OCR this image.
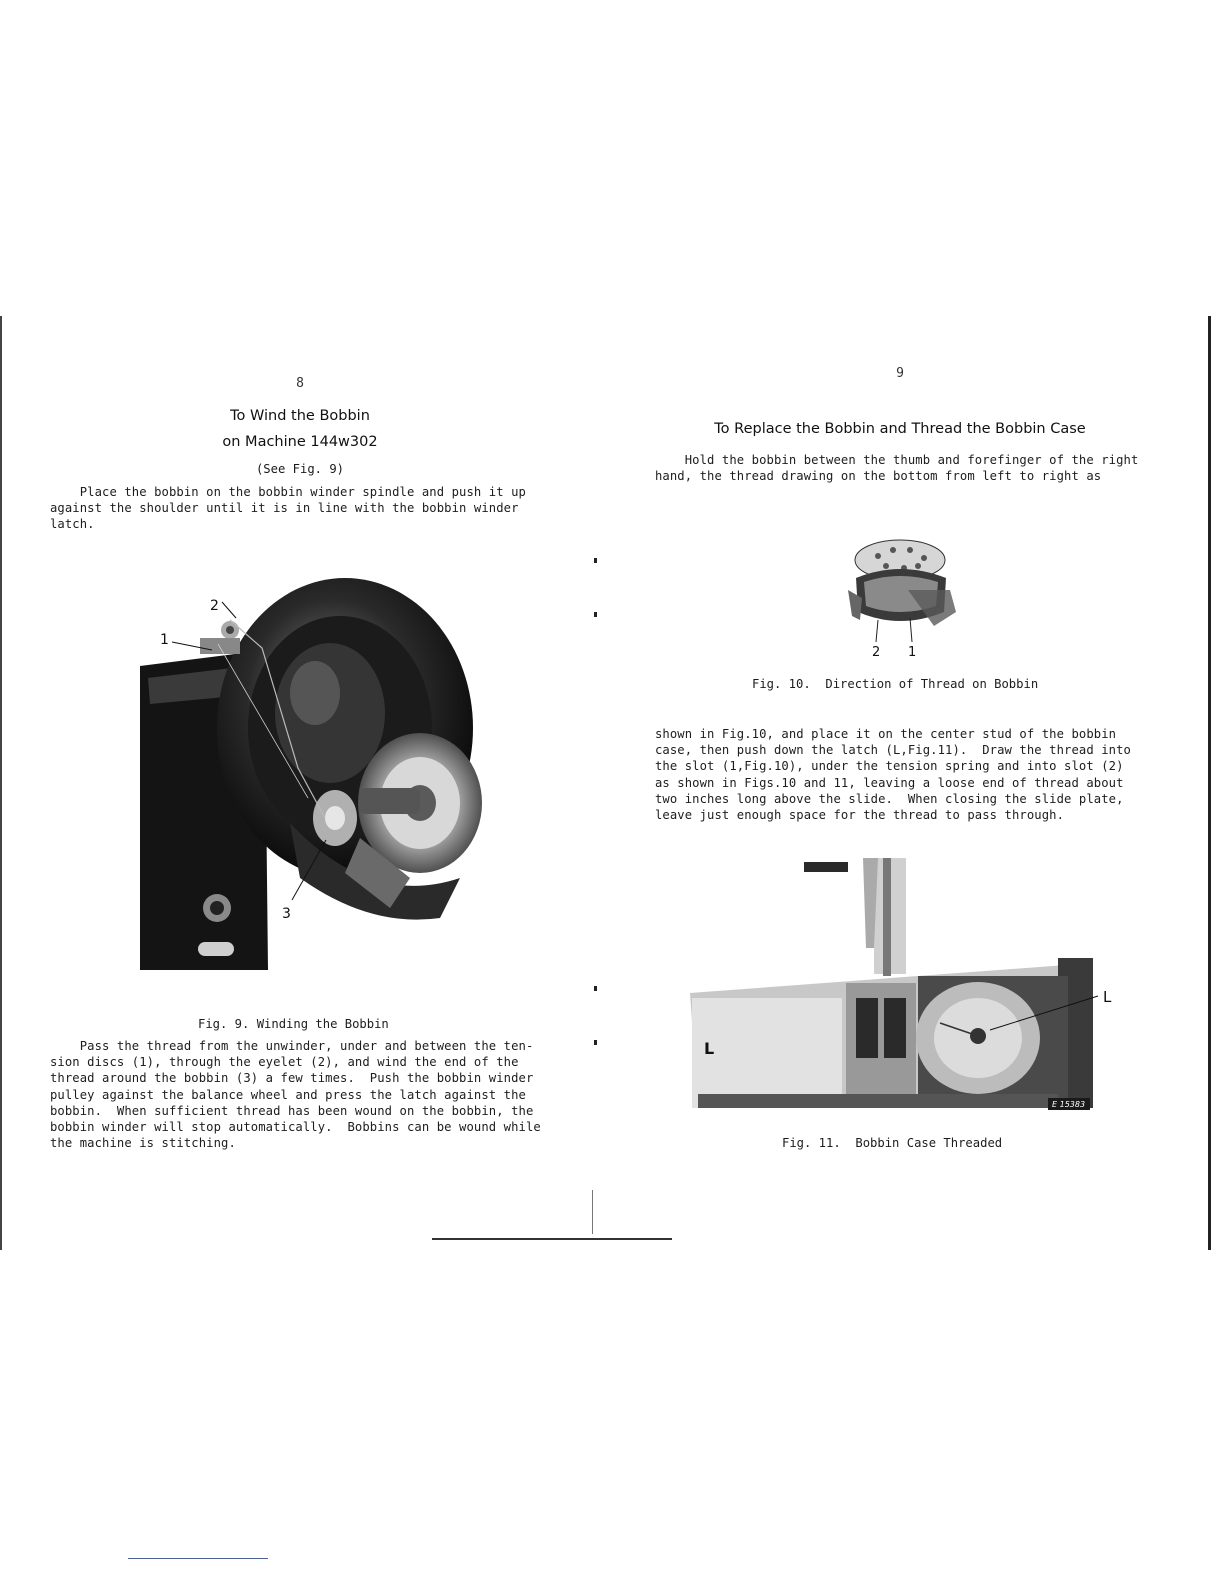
8
To Wind the Bobbin
on Machine 144w302
(See Fig. 9)
Place the bobbin on the bobbin winder spindle and push it up
against the shoulder until it is in line with the bobbin winder
latch.
2
1
3
Fig. 9. Winding the Bobbin
Pass the thread from the unwinder, under and between the ten-
sion discs (1), through the eyelet (2), and wind the end of the
thread around the bobbin (3) a few times.  Push the bobbin winder
pulley against the balance wheel and press the latch against the
bobbin.  When sufficient thread has been wound on the bobbin, the
bobbin winder will stop automatically.  Bobbins can be wound while
the machine is stitching.
9
To Replace the Bobbin and Thread the Bobbin Case
Hold the bobbin between the thumb and forefinger of the right
hand, the thread drawing on the bottom from left to right as
2 1
Fig. 10.  Direction of Thread on Bobbin
shown in Fig.10, and place it on the center stud of the bobbin
case, then push down the latch (L,Fig.11).  Draw the thread into
the slot (1,Fig.10), under the tension spring and into slot (2)
as shown in Figs.10 and 11, leaving a loose end of thread about
two inches long above the slide.  When closing the slide plate,
leave just enough space for the thread to pass through.
E 15383
L
L
Fig. 11.  Bobbin Case Threaded
